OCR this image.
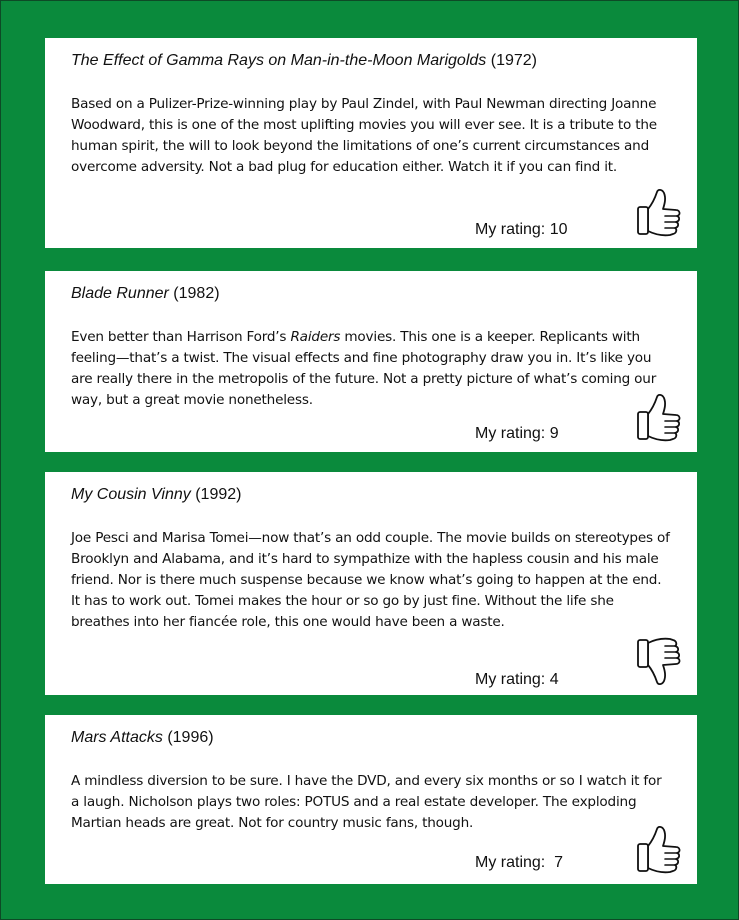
The Effect of Gamma Rays on Man-in-the-Moon Marigolds (1972)
Based on a Pulizer-Prize-winning play by Paul Zindel, with Paul Newman directing Joanne Woodward, this is one of the most uplifting movies you will ever see. It is a tribute to the human spirit, the will to look beyond the limitations of one’s current circumstances and overcome adversity. Not a bad plug for education either. Watch it if you can find it.
My rating: 10
Blade Runner (1982)
Even better than Harrison Ford’s Raiders movies. This one is a keeper. Replicants with feeling—that’s a twist. The visual effects and fine photography draw you in. It’s like you are really there in the metropolis of the future. Not a pretty picture of what’s coming our way, but a great movie nonetheless.
My rating: 9
My Cousin Vinny (1992)
Joe Pesci and Marisa Tomei—now that’s an odd couple. The movie builds on stereotypes of Brooklyn and Alabama, and it’s hard to sympathize with the hapless cousin and his male friend. Nor is there much suspense because we know what’s going to happen at the end. It has to work out. Tomei makes the hour or so go by just fine. Without the life she breathes into her fiancée role, this one would have been a waste.
My rating: 4
Mars Attacks (1996)
A mindless diversion to be sure. I have the DVD, and every six months or so I watch it for a laugh. Nicholson plays two roles: POTUS and a real estate developer. The exploding Martian heads are great. Not for country music fans, though.
My rating:  7
